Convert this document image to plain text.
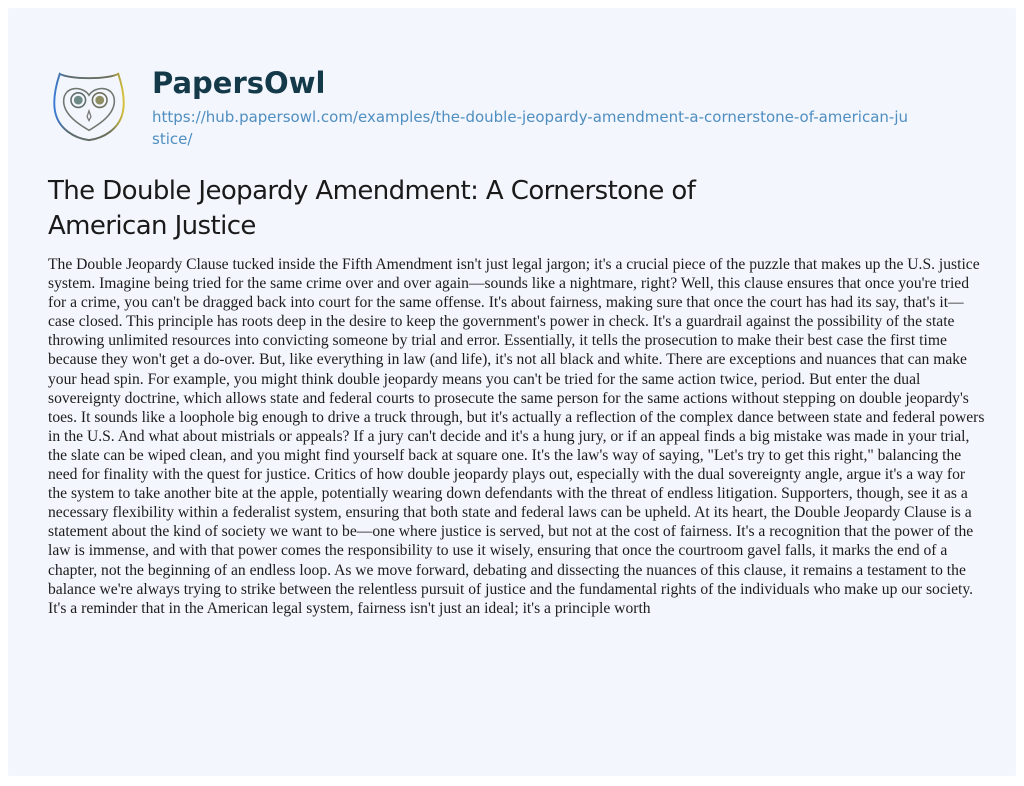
PapersOwl
https://hub.papersowl.com/examples/the-double-jeopardy-amendment-a-cornerstone-of-american-justice/
The Double Jeopardy Amendment: A Cornerstone of American Justice

The Double Jeopardy Clause tucked inside the Fifth Amendment isn't just legal jargon; it's a crucial piece of the puzzle that makes up the U.S. justice system. Imagine being tried for the same crime over and over again—sounds like a nightmare, right? Well, this clause ensures that once you're tried for a crime, you can't be dragged back into court for the same offense. It's about fairness, making sure that once the court has had its say, that's it—case closed. This principle has roots deep in the desire to keep the government's power in check. It's a guardrail against the possibility of the state throwing unlimited resources into convicting someone by trial and error. Essentially, it tells the prosecution to make their best case the first time because they won't get a do-over. But, like everything in law (and life), it's not all black and white. There are exceptions and nuances that can make your head spin. For example, you might think double jeopardy means you can't be tried for the same action twice, period. But enter the dual sovereignty doctrine, which allows state and federal courts to prosecute the same person for the same actions without stepping on double jeopardy's toes. It sounds like a loophole big enough to drive a truck through, but it's actually a reflection of the complex dance between state and federal powers in the U.S. And what about mistrials or appeals? If a jury can't decide and it's a hung jury, or if an appeal finds a big mistake was made in your trial, the slate can be wiped clean, and you might find yourself back at square one. It's the law's way of saying, "Let's try to get this right," balancing the need for finality with the quest for justice. Critics of how double jeopardy plays out, especially with the dual sovereignty angle, argue it's a way for the system to take another bite at the apple, potentially wearing down defendants with the threat of endless litigation. Supporters, though, see it as a necessary flexibility within a federalist system, ensuring that both state and federal laws can be upheld. At its heart, the Double Jeopardy Clause is a statement about the kind of society we want to be—one where justice is served, but not at the cost of fairness. It's a recognition that the power of the law is immense, and with that power comes the responsibility to use it wisely, ensuring that once the courtroom gavel falls, it marks the end of a chapter, not the beginning of an endless loop. As we move forward, debating and dissecting the nuances of this clause, it remains a testament to the balance we're always trying to strike between the relentless pursuit of justice and the fundamental rights of the individuals who make up our society. It's a reminder that in the American legal system, fairness isn't just an ideal; it's a principle worth
